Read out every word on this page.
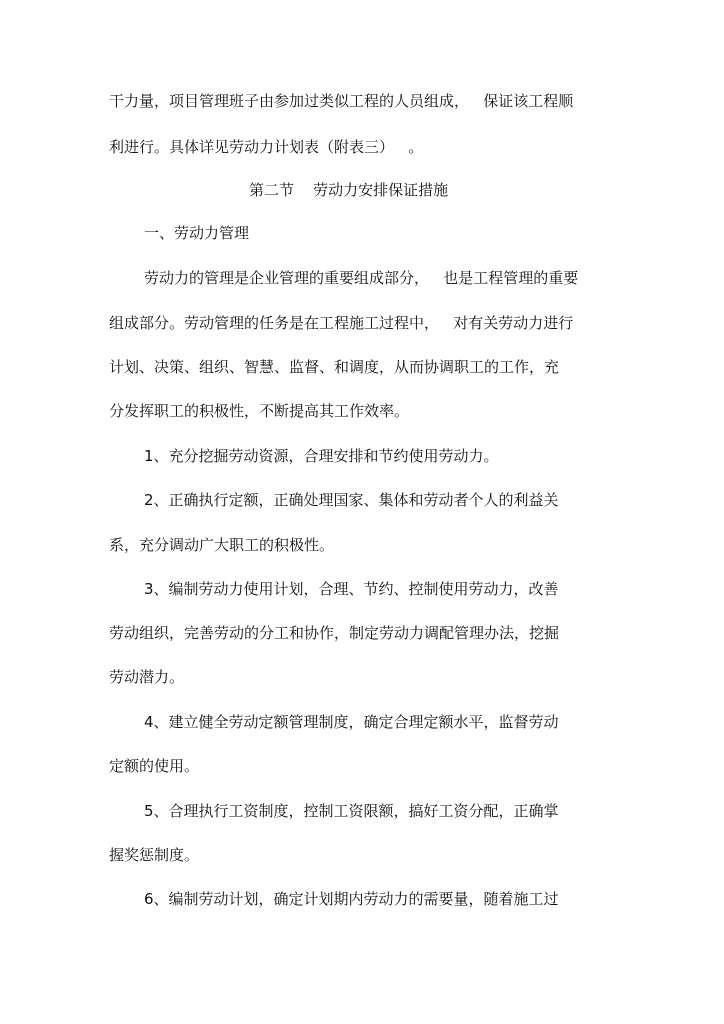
干力量，项目管理班子由参加过类似工程的人员组成，   保证该工程顺
利进行。具体详见劳动力计划表（附表三）   。
第二节    劳动力安排保证措施
一、劳动力管理
劳动力的管理是企业管理的重要组成部分，   也是工程管理的重要
组成部分。劳动管理的任务是在工程施工过程中，   对有关劳动力进行
计划、决策、组织、智慧、监督、和调度，从而协调职工的工作，充
分发挥职工的积极性，不断提高其工作效率。
1、充分挖掘劳动资源，合理安排和节约使用劳动力。
2、正确执行定额，正确处理国家、集体和劳动者个人的利益关
系，充分调动广大职工的积极性。
3、编制劳动力使用计划，合理、节约、控制使用劳动力，改善
劳动组织，完善劳动的分工和协作，制定劳动力调配管理办法，挖掘
劳动潜力。
4、建立健全劳动定额管理制度，确定合理定额水平，监督劳动
定额的使用。
5、合理执行工资制度，控制工资限额，搞好工资分配，正确掌
握奖惩制度。
6、编制劳动计划，确定计划期内劳动力的需要量，随着施工过
